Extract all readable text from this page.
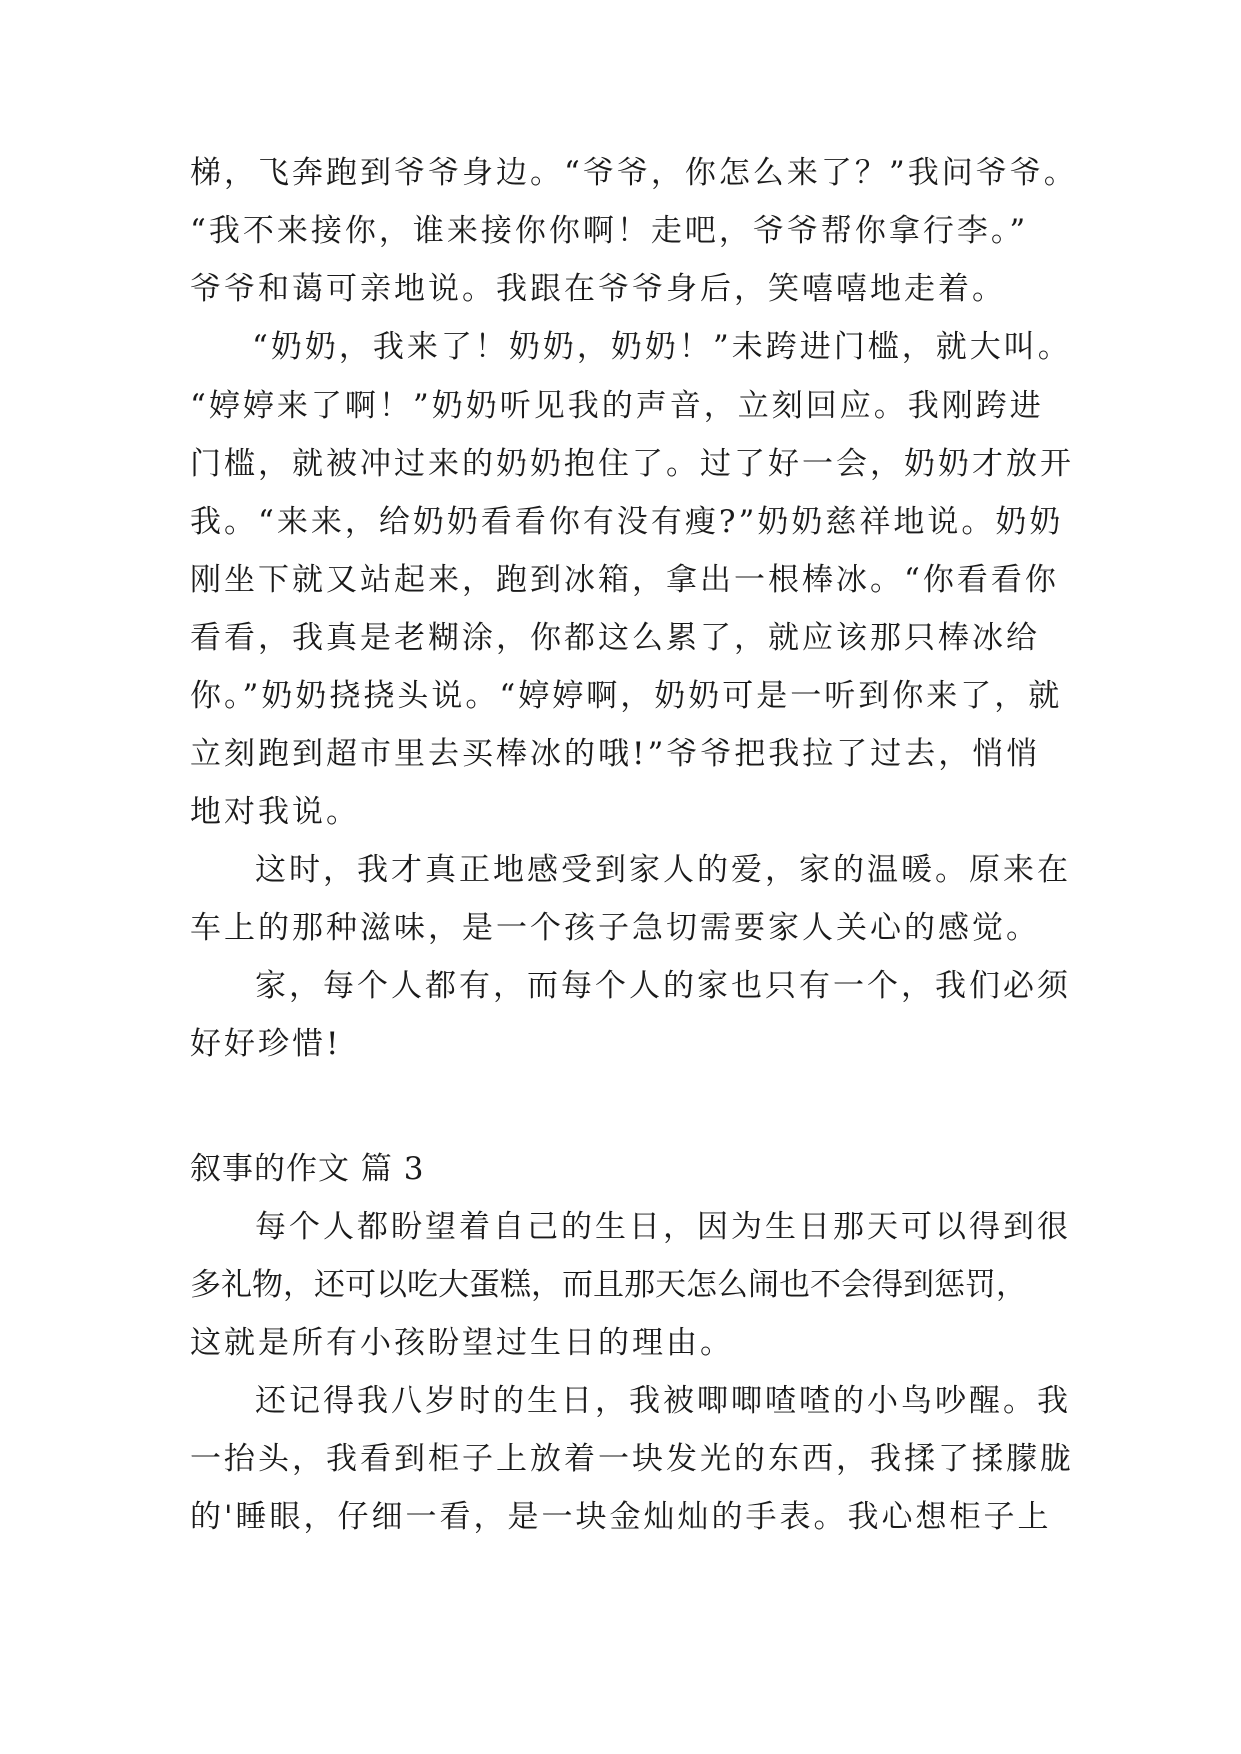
梯，飞奔跑到爷爷身边。“爷爷，你怎么来了？”我问爷爷。
“我不来接你，谁来接你你啊！走吧，爷爷帮你拿行李。”
爷爷和蔼可亲地说。我跟在爷爷身后，笑嘻嘻地走着。
“奶奶，我来了！奶奶，奶奶！”未跨进门槛，就大叫。
“婷婷来了啊！”奶奶听见我的声音，立刻回应。我刚跨进
门槛，就被冲过来的奶奶抱住了。过了好一会，奶奶才放开
我。“来来，给奶奶看看你有没有瘦?”奶奶慈祥地说。奶奶
刚坐下就又站起来，跑到冰箱，拿出一根棒冰。“你看看你
看看，我真是老糊涂，你都这么累了，就应该那只棒冰给
你。”奶奶挠挠头说。“婷婷啊，奶奶可是一听到你来了，就
立刻跑到超市里去买棒冰的哦!”爷爷把我拉了过去，悄悄
地对我说。
这时，我才真正地感受到家人的爱，家的温暖。原来在
车上的那种滋味，是一个孩子急切需要家人关心的感觉。
家，每个人都有，而每个人的家也只有一个，我们必须
好好珍惜!
叙事的作文 篇 3
每个人都盼望着自己的生日，因为生日那天可以得到很
多礼物，还可以吃大蛋糕，而且那天怎么闹也不会得到惩罚，
这就是所有小孩盼望过生日的理由。
还记得我八岁时的生日，我被唧唧喳喳的小鸟吵醒。我
一抬头，我看到柜子上放着一块发光的东西，我揉了揉朦胧
的'睡眼，仔细一看，是一块金灿灿的手表。我心想柜子上
